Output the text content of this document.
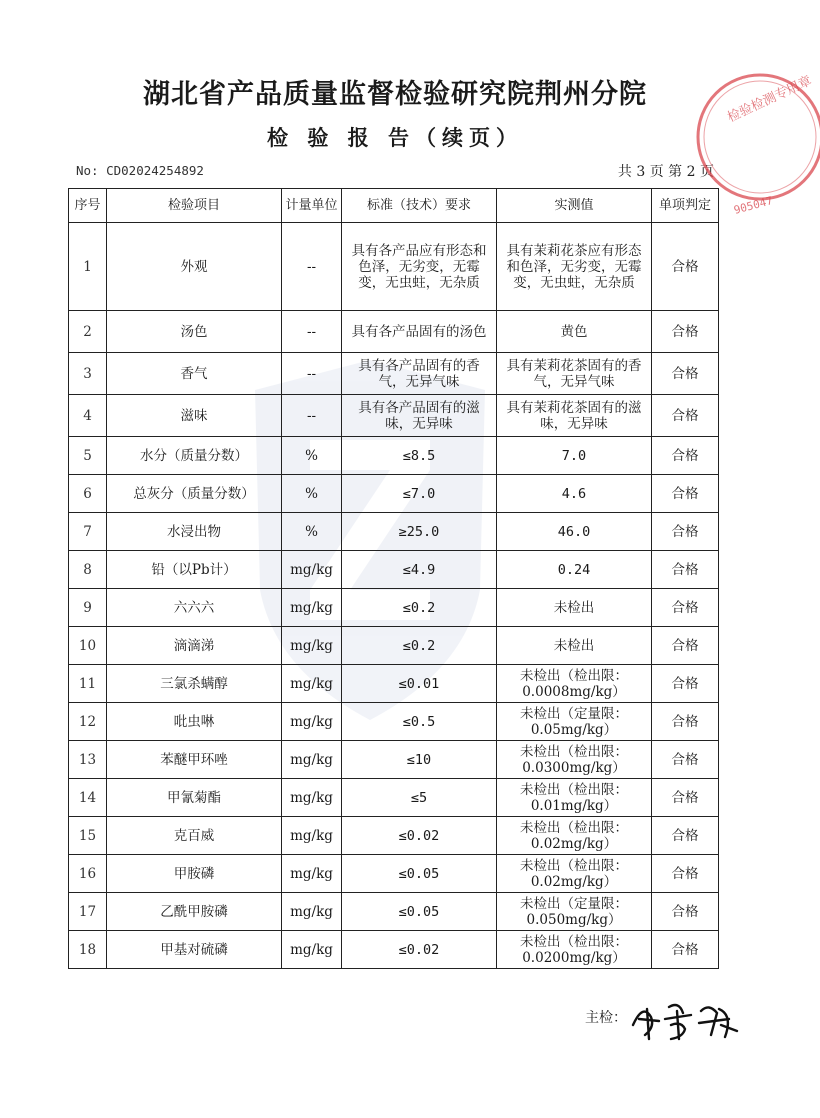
湖北省产品质量监督检验研究院荆州分院
检 验 报 告（续页）
No: CD02024254892	共 3 页 第 2 页
序号	检验项目	计量单位	标准（技术）要求	实测值	单项判定
1	外观	--	具有各产品应有形态和色泽，无劣变，无霉变，无虫蛀，无杂质	具有茉莉花茶应有形态和色泽，无劣变，无霉变，无虫蛀，无杂质	合格
2	汤色	--	具有各产品固有的汤色	黄色	合格
3	香气	--	具有各产品固有的香气，无异气味	具有茉莉花茶固有的香气，无异气味	合格
4	滋味	--	具有各产品固有的滋味，无异味	具有茉莉花茶固有的滋味，无异味	合格
5	水分（质量分数）	%	≤8.5	7.0	合格
6	总灰分（质量分数）	%	≤7.0	4.6	合格
7	水浸出物	%	≥25.0	46.0	合格
8	铅（以Pb计）	mg/kg	≤4.9	0.24	合格
9	六六六	mg/kg	≤0.2	未检出	合格
10	滴滴涕	mg/kg	≤0.2	未检出	合格
11	三氯杀螨醇	mg/kg	≤0.01	未检出（检出限：0.0008mg/kg）	合格
12	吡虫啉	mg/kg	≤0.5	未检出（定量限：0.05mg/kg）	合格
13	苯醚甲环唑	mg/kg	≤10	未检出（检出限：0.0300mg/kg）	合格
14	甲氰菊酯	mg/kg	≤5	未检出（检出限：0.01mg/kg）	合格
15	克百威	mg/kg	≤0.02	未检出（检出限：0.02mg/kg）	合格
16	甲胺磷	mg/kg	≤0.05	未检出（检出限：0.02mg/kg）	合格
17	乙酰甲胺磷	mg/kg	≤0.05	未检出（定量限：0.050mg/kg）	合格
18	甲基对硫磷	mg/kg	≤0.02	未检出（检出限：0.0200mg/kg）	合格
检验检测专用章
905047
主检：
